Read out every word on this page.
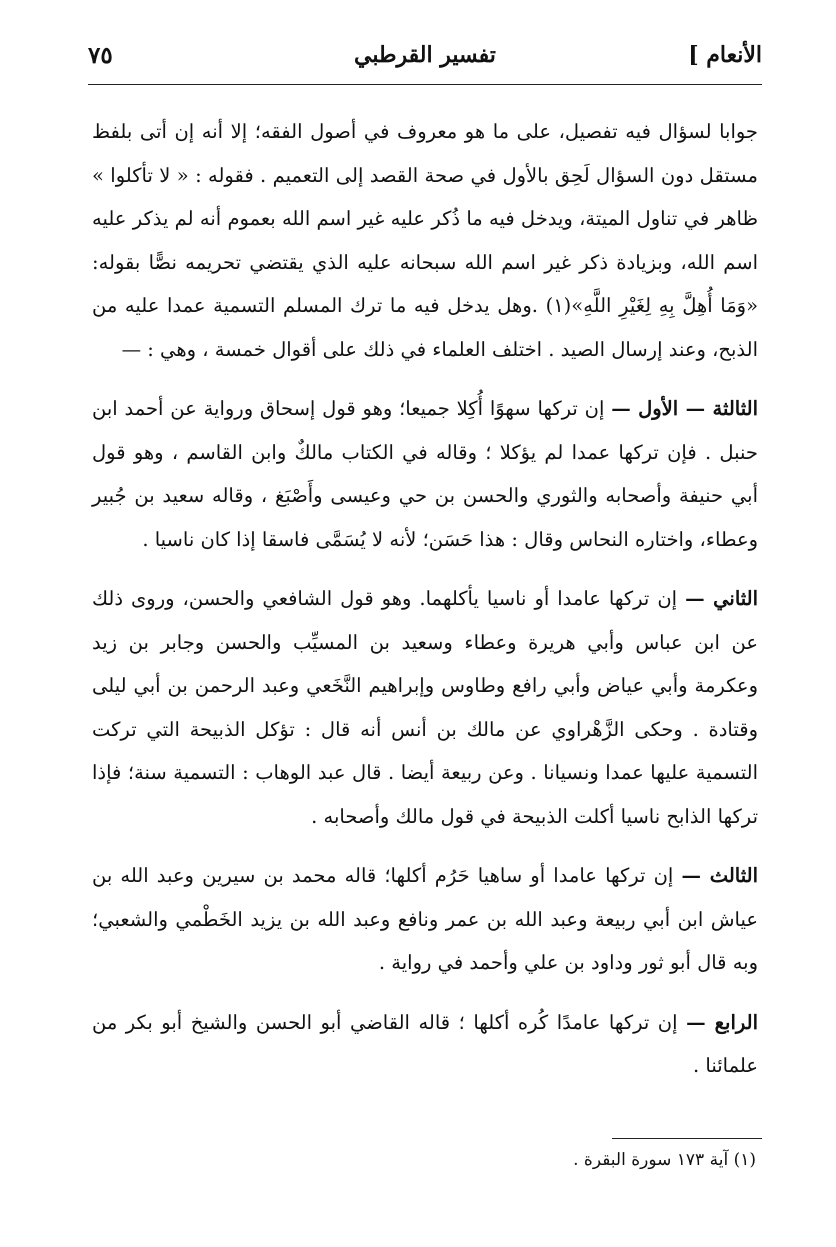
الأنعام ]
تفسير القرطبي
٧٥

جوابا لسؤال فيه تفصيل، على ما هو معروف في أصول الفقه؛ إلا أنه إن أتى بلفظ مستقل دون السؤال لَحِق بالأول في صحة القصد إلى التعميم . فقوله : « لا تأكلوا » ظاهر في تناول الميتة، ويدخل فيه ما ذُكر عليه غير اسم الله بعموم أنه لم يذكر عليه اسم الله، وبزيادة ذكر غير اسم الله سبحانه عليه الذي يقتضي تحريمه نصًّا بقوله: «وَمَا أُهِلَّ بِهِ لِغَيْرِ اللَّهِ»(١) .وهل يدخل فيه ما ترك المسلم التسمية عمدا عليه من الذبح، وعند إرسال الصيد . اختلف العلماء في ذلك على أقوال خمسة ، وهي : —

الثالثة — الأول — إن تركها سهوًا أُكِلا جميعا؛ وهو قول إسحاق ورواية عن أحمد ابن حنبل . فإن تركها عمدا لم يؤكلا ؛ وقاله في الكتاب مالكٌ وابن القاسم ، وهو قول أبي حنيفة وأصحابه والثوري والحسن بن حي وعيسى وأَصْبَغ ، وقاله سعيد بن جُبير وعطاء، واختاره النحاس وقال : هذا حَسَن؛ لأنه لا يُسَمَّى فاسقا إذا كان ناسيا .

الثاني — إن تركها عامدا أو ناسيا يأكلهما. وهو قول الشافعي والحسن، وروى ذلك عن ابن عباس وأبي هريرة وعطاء وسعيد بن المسيِّب والحسن وجابر بن زيد وعكرمة وأبي عياض وأبي رافع وطاوس وإبراهيم النَّخَعي وعبد الرحمن بن أبي ليلى وقتادة . وحكى الزَّهْراوي عن مالك بن أنس أنه قال : تؤكل الذبيحة التي تركت التسمية عليها عمدا ونسيانا . وعن ربيعة أيضا . قال عبد الوهاب : التسمية سنة؛ فإذا تركها الذابح ناسيا أكلت الذبيحة في قول مالك وأصحابه .

الثالث — إن تركها عامدا أو ساهيا حَرُم أكلها؛ قاله محمد بن سيرين وعبد الله بن عياش ابن أبي ربيعة وعبد الله بن عمر ونافع وعبد الله بن يزيد الخَطْمي والشعبي؛ وبه قال أبو ثور وداود بن علي وأحمد في رواية .

الرابع — إن تركها عامدًا كُره أكلها ؛ قاله القاضي أبو الحسن والشيخ أبو بكر من علمائنا .

(١) آية ١٧٣ سورة البقرة .
